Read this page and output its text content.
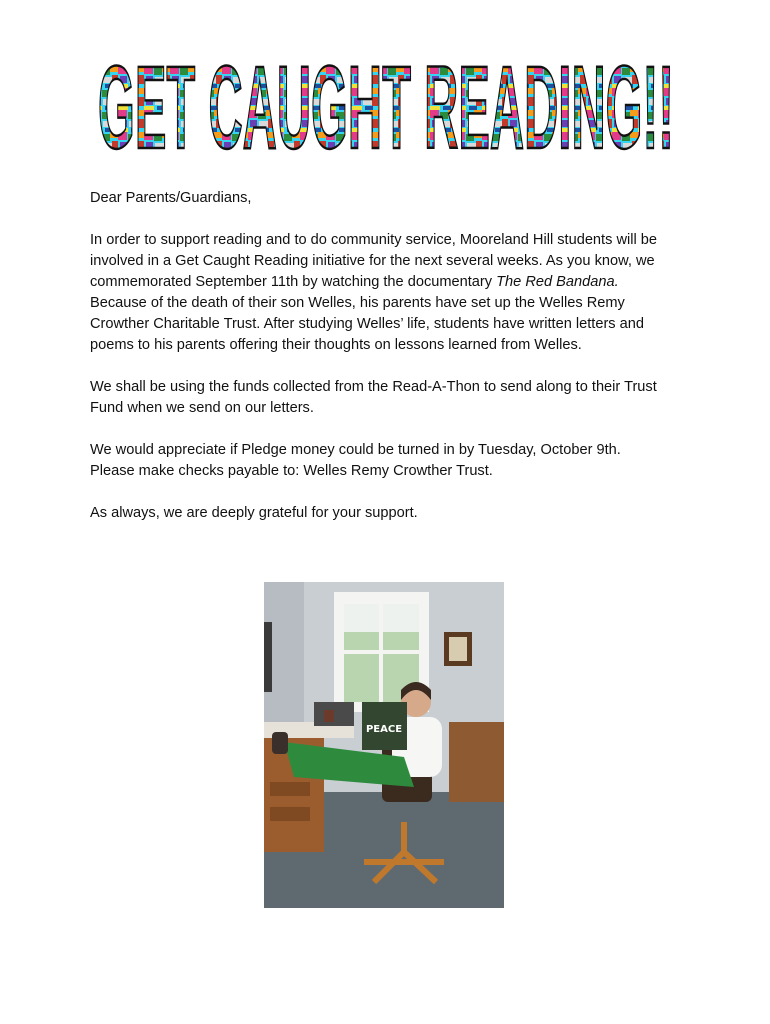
GET CAUGHT READING!!

Dear Parents/Guardians,

In order to support reading and to do community service, Mooreland Hill students will be
involved in a Get Caught Reading initiative for the next several weeks. As you know, we
commemorated September 11th by watching the documentary The Red Bandana.
Because of the death of their son Welles, his parents have set up the Welles Remy
Crowther Charitable Trust. After studying Welles’ life, students have written letters and
poems to his parents offering their thoughts on lessons learned from Welles.

We shall be using the funds collected from the Read-A-Thon to send along to their Trust
Fund when we send on our letters.

We would appreciate if Pledge money could be turned in by Tuesday, October 9th.
Please make checks payable to: Welles Remy Crowther Trust.

As always, we are deeply grateful for your support.

PEACE
